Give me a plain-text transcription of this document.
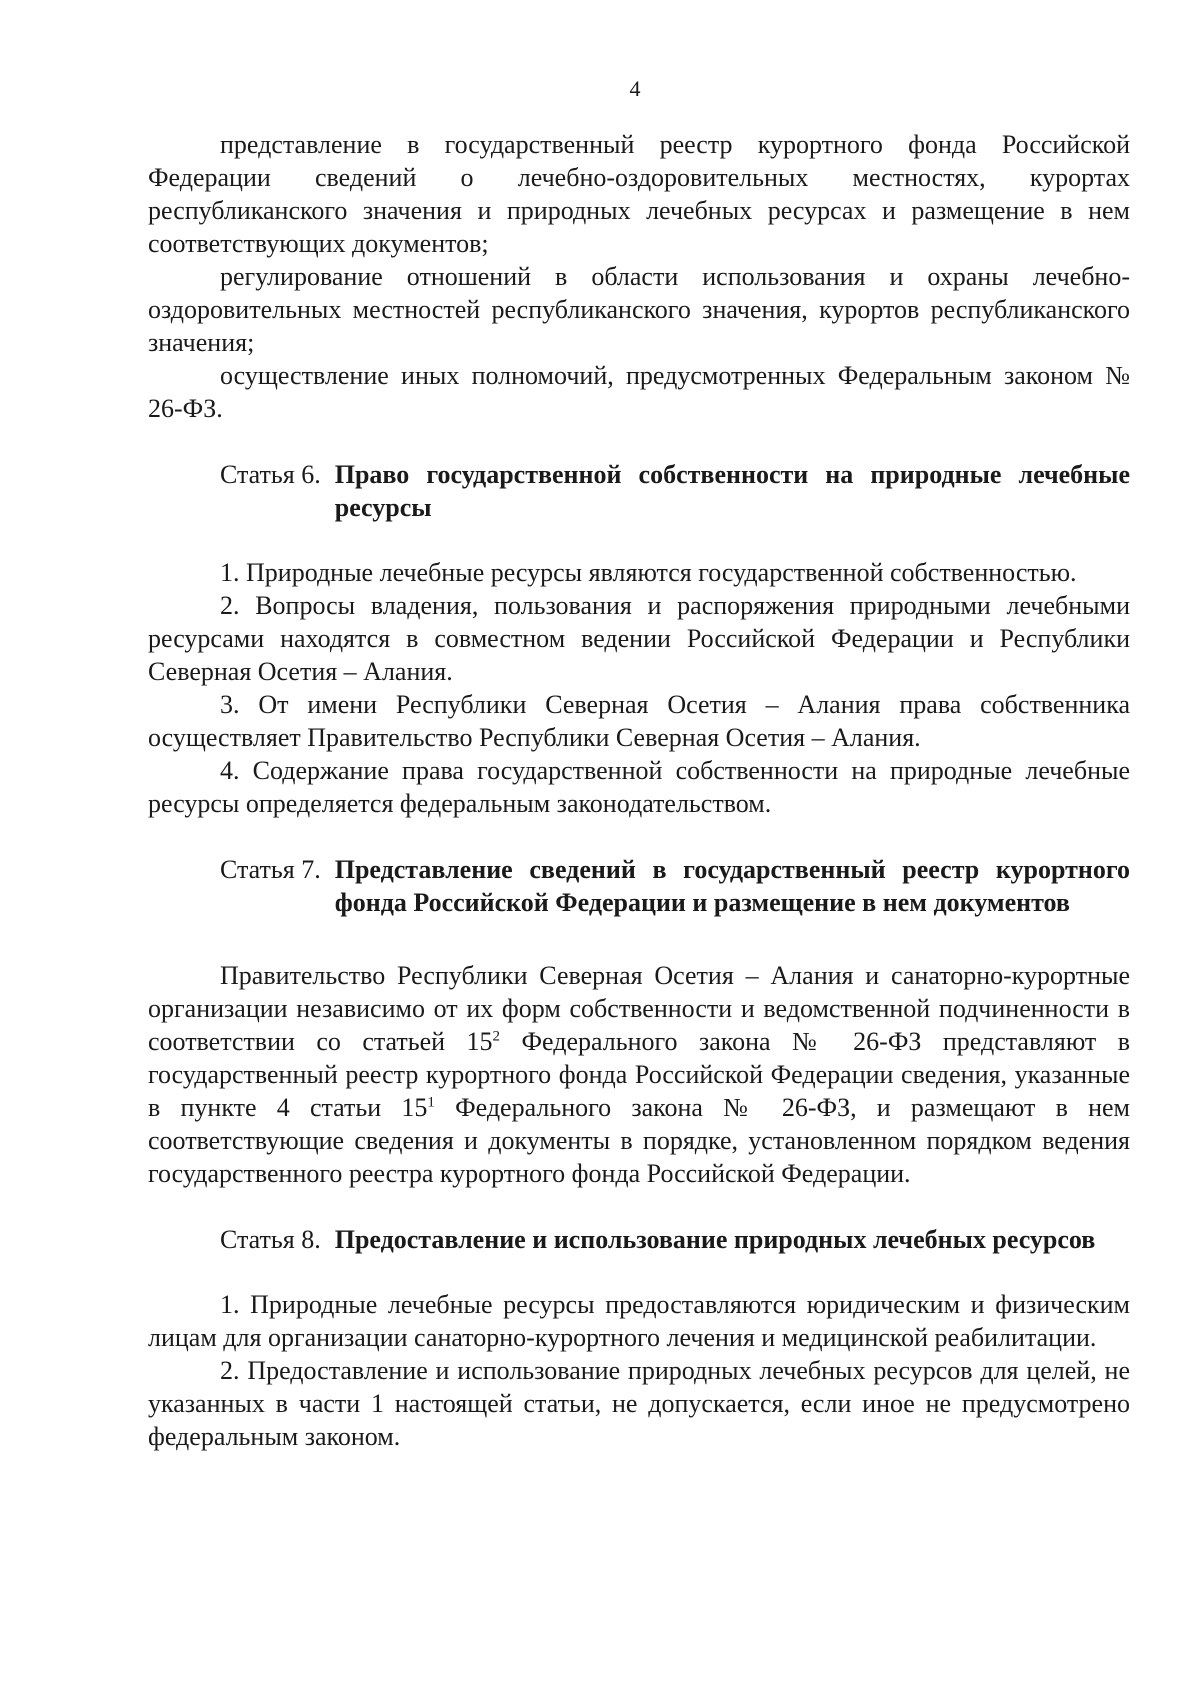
4

представление в государственный реестр курортного фонда Российской Федерации сведений о лечебно-оздоровительных местностях, курортах республиканского значения и природных лечебных ресурсах и размещение в нем соответствующих документов;

регулирование отношений в области использования и охраны лечебно-оздоровительных местностей республиканского значения, курортов республиканского значения;

осуществление иных полномочий, предусмотренных Федеральным законом № 26-ФЗ.

Статья 6. Право государственной собственности на природные лечебные ресурсы

1. Природные лечебные ресурсы являются государственной собственностью.

2. Вопросы владения, пользования и распоряжения природными лечебными ресурсами находятся в совместном ведении Российской Федерации и Республики Северная Осетия – Алания.

3. От имени Республики Северная Осетия – Алания права собственника осуществляет Правительство Республики Северная Осетия – Алания.

4. Содержание права государственной собственности на природные лечебные ресурсы определяется федеральным законодательством.

Статья 7. Представление сведений в государственный реестр курортного фонда Российской Федерации и размещение в нем документов

Правительство Республики Северная Осетия – Алания и санаторно-курортные организации независимо от их форм собственности и ведомственной подчиненности в соответствии со статьей $15^2$ Федерального закона № 26-ФЗ представляют в государственный реестр курортного фонда Российской Федерации сведения, указанные в пункте 4 статьи $15^1$ Федерального закона № 26-ФЗ, и размещают в нем соответствующие сведения и документы в порядке, установленном порядком ведения государственного реестра курортного фонда Российской Федерации.

Статья 8. Предоставление и использование природных лечебных ресурсов

1. Природные лечебные ресурсы предоставляются юридическим и физическим лицам для организации санаторно-курортного лечения и медицинской реабилитации.

2. Предоставление и использование природных лечебных ресурсов для целей, не указанных в части 1 настоящей статьи, не допускается, если иное не предусмотрено федеральным законом.
